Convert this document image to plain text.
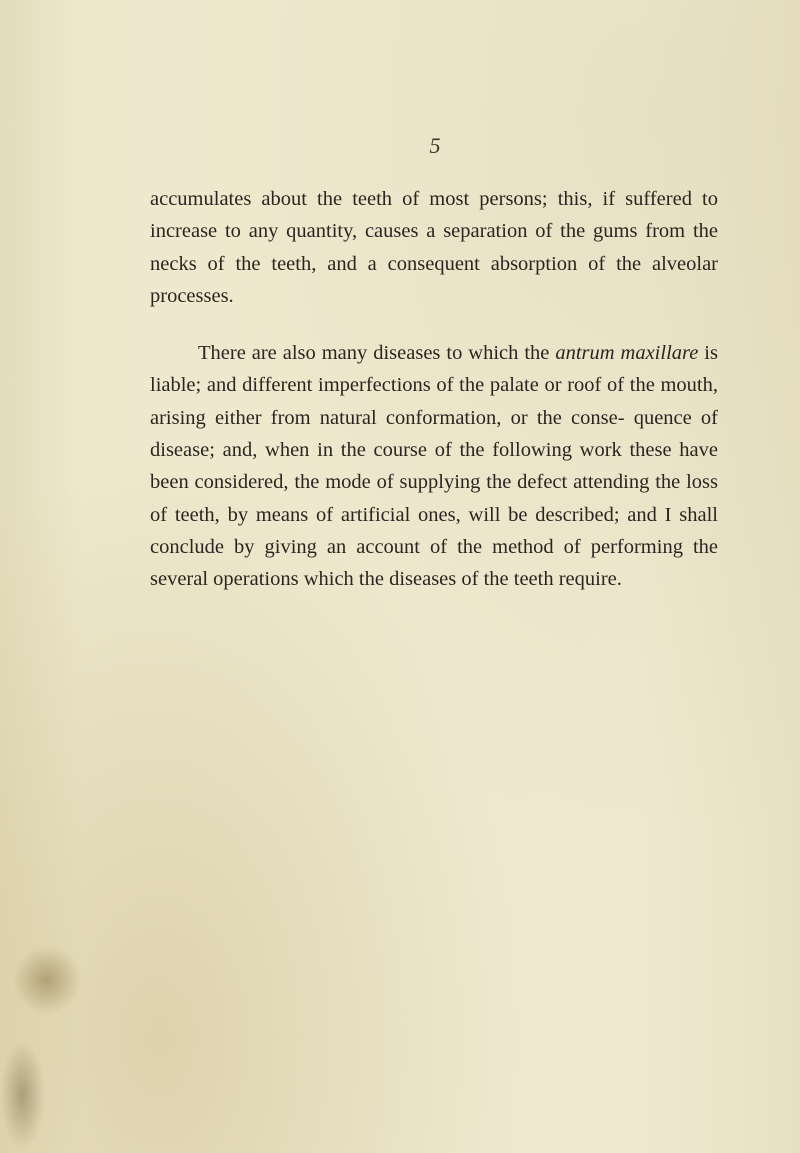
5

accumulates about the teeth of most persons; this, if suffered to increase to any quantity, causes a separation of the gums from the necks of the teeth, and a consequent absorption of the alveolar processes.

There are also many diseases to which the antrum maxillare is liable; and different imperfections of the palate or roof of the mouth, arising either from natural conformation, or the conse- quence of disease; and, when in the course of the following work these have been considered, the mode of supplying the defect attending the loss of teeth, by means of artificial ones, will be described; and I shall conclude by giving an account of the method of performing the several operations which the diseases of the teeth require.
